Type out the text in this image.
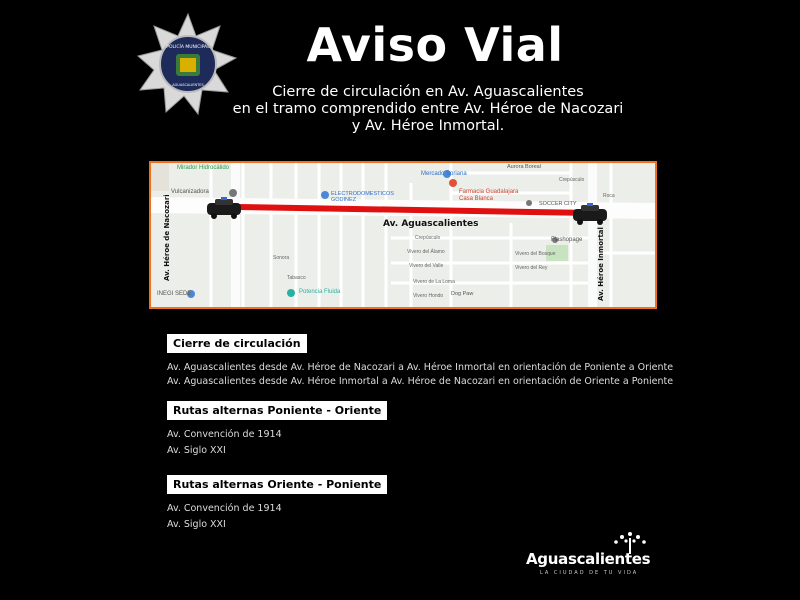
POLICÍA MUNICIPAL
AGUASCALIENTES
Aviso Vial
Cierre de circulación en Av. Aguascalientes
en el tramo comprendido entre Av. Héroe de Nacozari
y Av. Héroe Inmortal.
Mirador Hidrocálido
Vulcanizadora	ELECTRODOMESTICOS
GODINEZ
Mercado Soriana
Farmacia Guadalajara
Casa Blanca
SOCCER CITY
Aurora Boreal
Flashopage
Potencia Fluida
INEGI SEDE	Dog Paw
Sonora
Tabasco
Crepúsculo
Vivero del Álamo
Vivero del Valle	Vivero del Rey
Vivero de La Loma
Vivero Hondo
Vivero del Bosque
Crepúsculo
Roca
Av. Aguascalientes
Av. Héroe de Nacozari	Av. Héroe Inmortal
Cierre de circulación
Av. Aguascalientes desde Av. Héroe de Nacozari a Av. Héroe Inmortal en orientación de Poniente a Oriente
Av. Aguascalientes desde Av. Héroe Inmortal a Av. Héroe de Nacozari en orientación de Oriente a Poniente
Rutas alternas Poniente - Oriente
Av. Convención de 1914
Av. Siglo XXI
Rutas alternas Oriente - Poniente
Av. Convención de 1914
Av. Siglo XXI
Aguascalientes
LA CIUDAD DE TU VIDA
